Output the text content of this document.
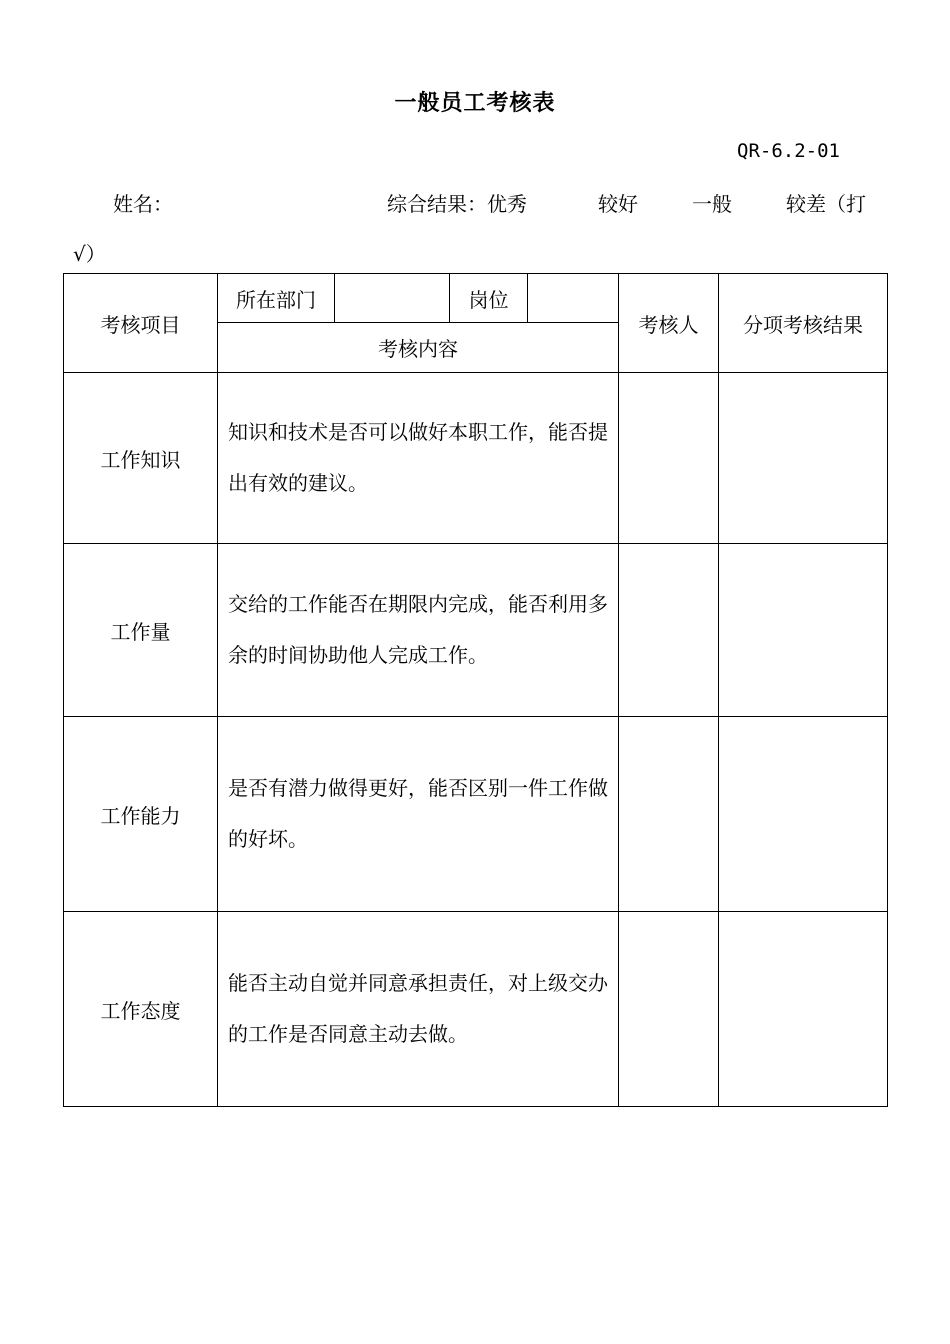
一般员工考核表
QR-6.2-01
姓名：	综合结果：优秀	较好	一般	较差（打
√）
考核项目	所在部门		岗位		考核人	分项考核结果
	考核内容					
工作知识	知识和技术是否可以做好本职工作，能否提出有效的建议。					
工作量	交给的工作能否在期限内完成，能否利用多余的时间协助他人完成工作。					
工作能力	是否有潜力做得更好，能否区别一件工作做的好坏。					
工作态度	能否主动自觉并同意承担责任，对上级交办的工作是否同意主动去做。					
